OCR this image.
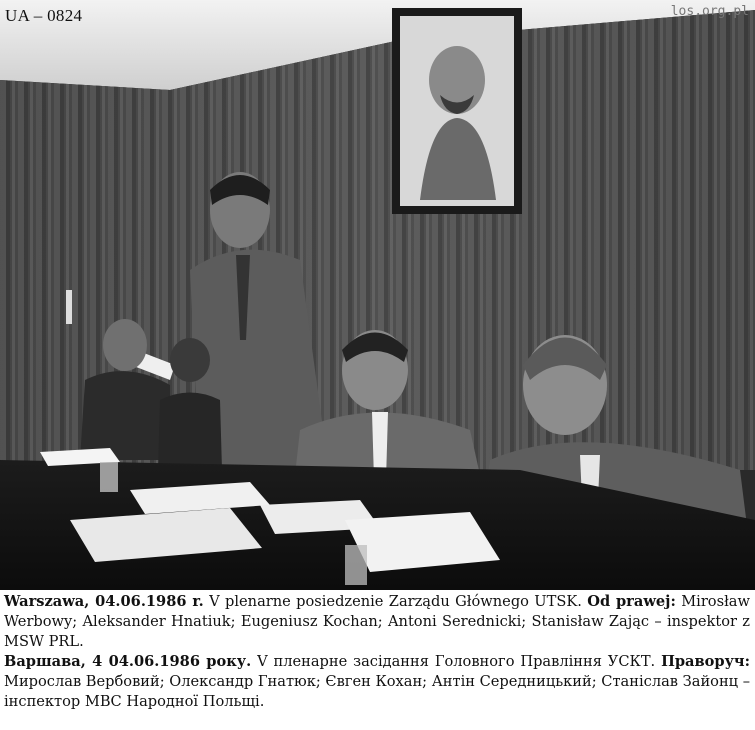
UA – 0824	los.org.pl

Warszawa, 04.06.1986 r. V plenarne posiedzenie Zarządu Głównego UTSK. Od prawej: Mirosław Werbowy; Aleksander Hnatiuk; Eugeniusz Kochan; Antoni Serednicki; Stanisław Zając – inspektor z MSW PRL.

Варшава, 4 04.06.1986 року. V пленарне засідання Головного Правління УСКТ. Праворуч: Мирослав Вербовий; Олександр Гнатюк; Євген Кохан; Антін Середницький; Станіслав Зайонц – інспектор МВС Народної Польщі.
